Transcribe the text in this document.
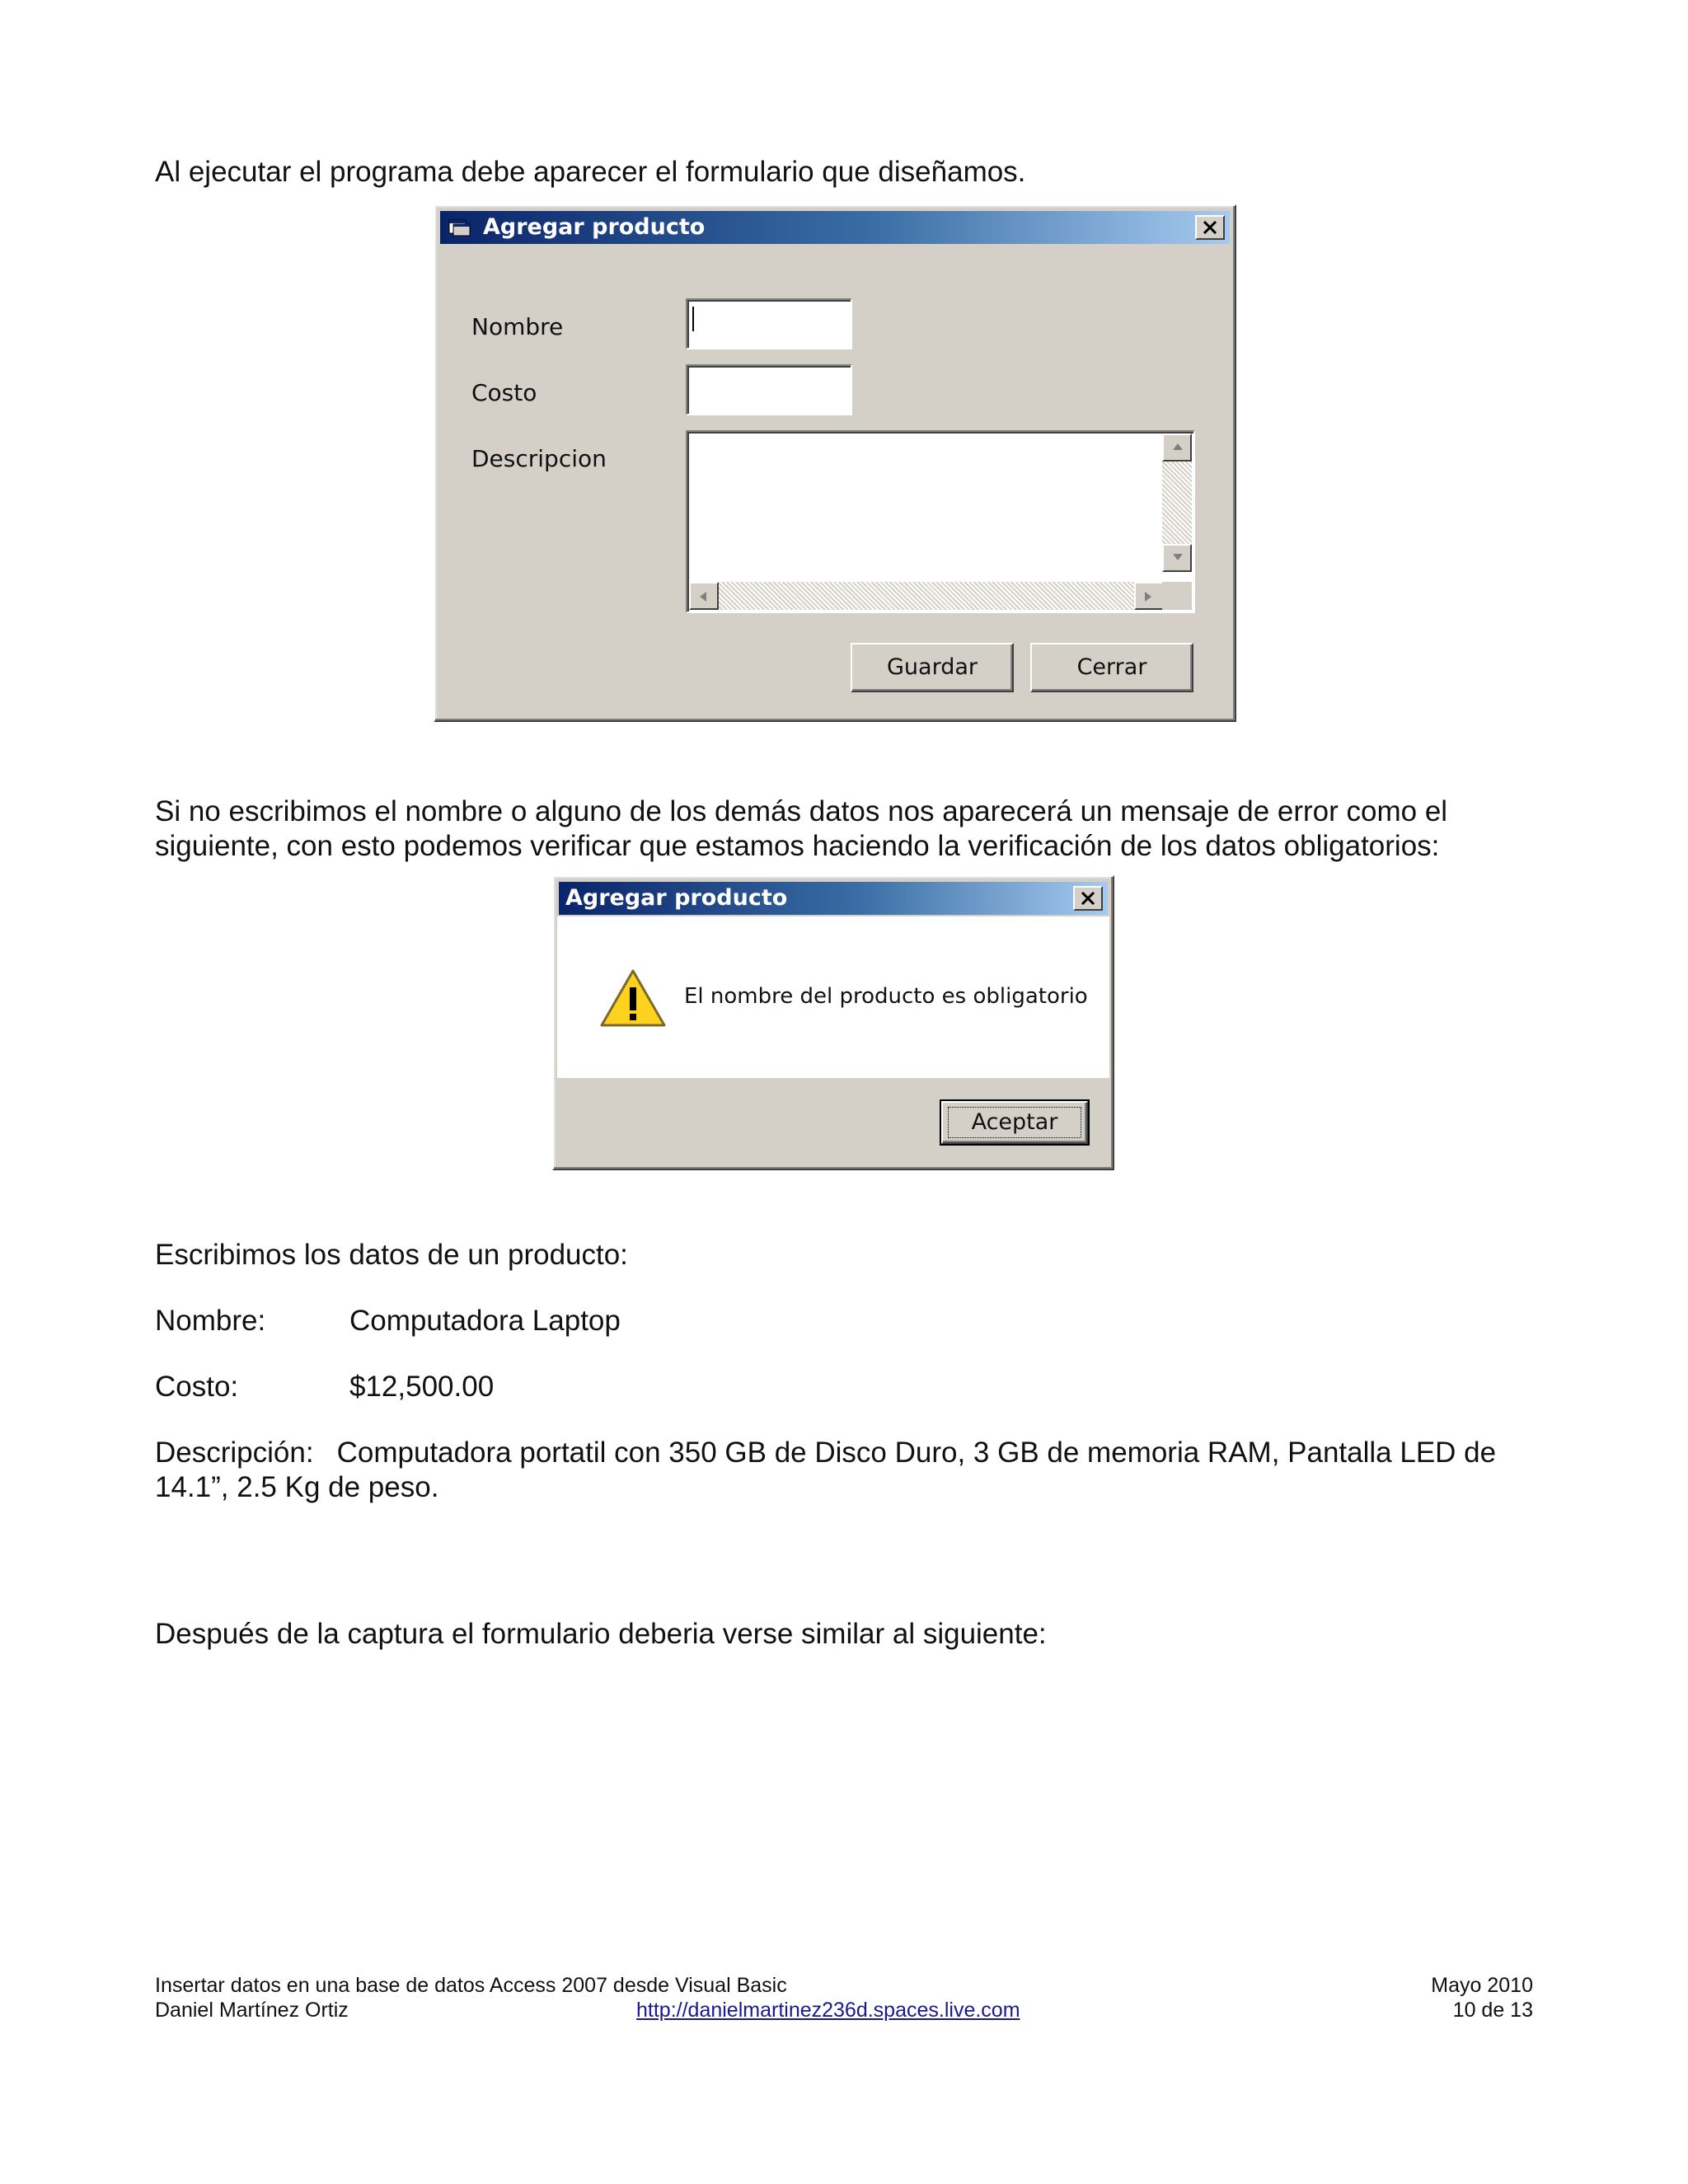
Al ejecutar el programa debe aparecer el formulario que diseñamos.

Agregar producto
Nombre
Costo
Descripcion
Guardar	Cerrar

Si no escribimos el nombre o alguno de los demás datos nos aparecerá un mensaje de error como el siguiente, con esto podemos verificar que estamos haciendo la verificación de los datos obligatorios:

Agregar producto
El nombre del producto es obligatorio
Aceptar

Escribimos los datos de un producto:

Nombre:	Computadora Laptop
Costo:	$12,500.00
Descripción: Computadora portatil con 350 GB de Disco Duro, 3 GB de memoria RAM, Pantalla LED de 14.1”, 2.5 Kg de peso.

Después de la captura el formulario deberia verse similar al siguiente:

Insertar datos en una base de datos Access 2007 desde Visual Basic
Daniel Martínez Ortiz	http://danielmartinez236d.spaces.live.com
Mayo 2010
10 de 13
